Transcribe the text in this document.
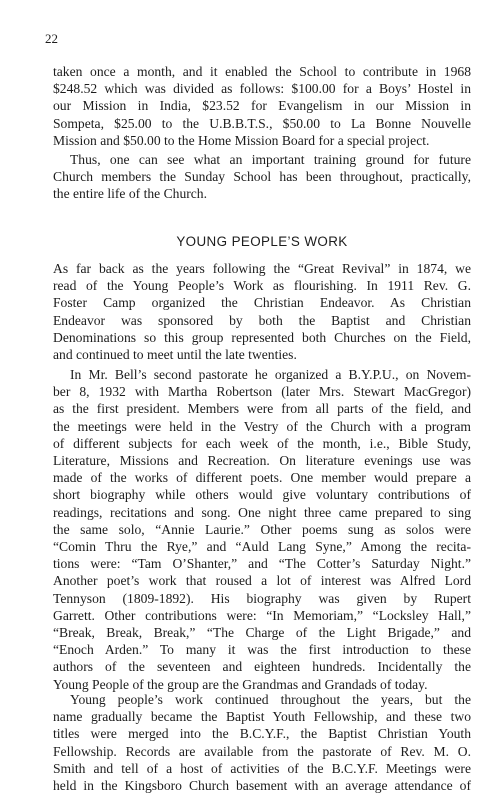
22

taken once a month, and it enabled the School to contribute in 1968
$248.52 which was divided as follows: $100.00 for a Boys’ Hostel in
our Mission in India, $23.52 for Evangelism in our Mission in
Sompeta, $25.00 to the U.B.B.T.S., $50.00 to La Bonne Nouvelle
Mission and $50.00 to the Home Mission Board for a special project.

Thus, one can see what an important training ground for future
Church members the Sunday School has been throughout, practically,
the entire life of the Church.

YOUNG PEOPLE’S WORK

As far back as the years following the “Great Revival” in 1874, we
read of the Young People’s Work as flourishing. In 1911 Rev. G.
Foster Camp organized the Christian Endeavor. As Christian
Endeavor was sponsored by both the Baptist and Christian
Denominations so this group represented both Churches on the Field,
and continued to meet until the late twenties.

In Mr. Bell’s second pastorate he organized a B.Y.P.U., on Novem-
ber 8, 1932 with Martha Robertson (later Mrs. Stewart MacGregor)
as the first president. Members were from all parts of the field, and
the meetings were held in the Vestry of the Church with a program
of different subjects for each week of the month, i.e., Bible Study,
Literature, Missions and Recreation. On literature evenings use was
made of the works of different poets. One member would prepare a
short biography while others would give voluntary contributions of
readings, recitations and song. One night three came prepared to sing
the same solo, “Annie Laurie.” Other poems sung as solos were
“Comin Thru the Rye,” and “Auld Lang Syne,” Among the recita-
tions were: “Tam O’Shanter,” and “The Cotter’s Saturday Night.”
Another poet’s work that roused a lot of interest was Alfred Lord
Tennyson (1809-1892). His biography was given by Rupert
Garrett. Other contributions were: “In Memoriam,” “Locksley Hall,”
“Break, Break, Break,” “The Charge of the Light Brigade,” and
“Enoch Arden.” To many it was the first introduction to these
authors of the seventeen and eighteen hundreds. Incidentally the
Young People of the group are the Grandmas and Grandads of today.

Young people’s work continued throughout the years, but the
name gradually became the Baptist Youth Fellowship, and these two
titles were merged into the B.C.Y.F., the Baptist Christian Youth
Fellowship. Records are available from the pastorate of Rev. M. O.
Smith and tell of a host of activities of the B.C.Y.F. Meetings were
held in the Kingsboro Church basement with an average attendance of
